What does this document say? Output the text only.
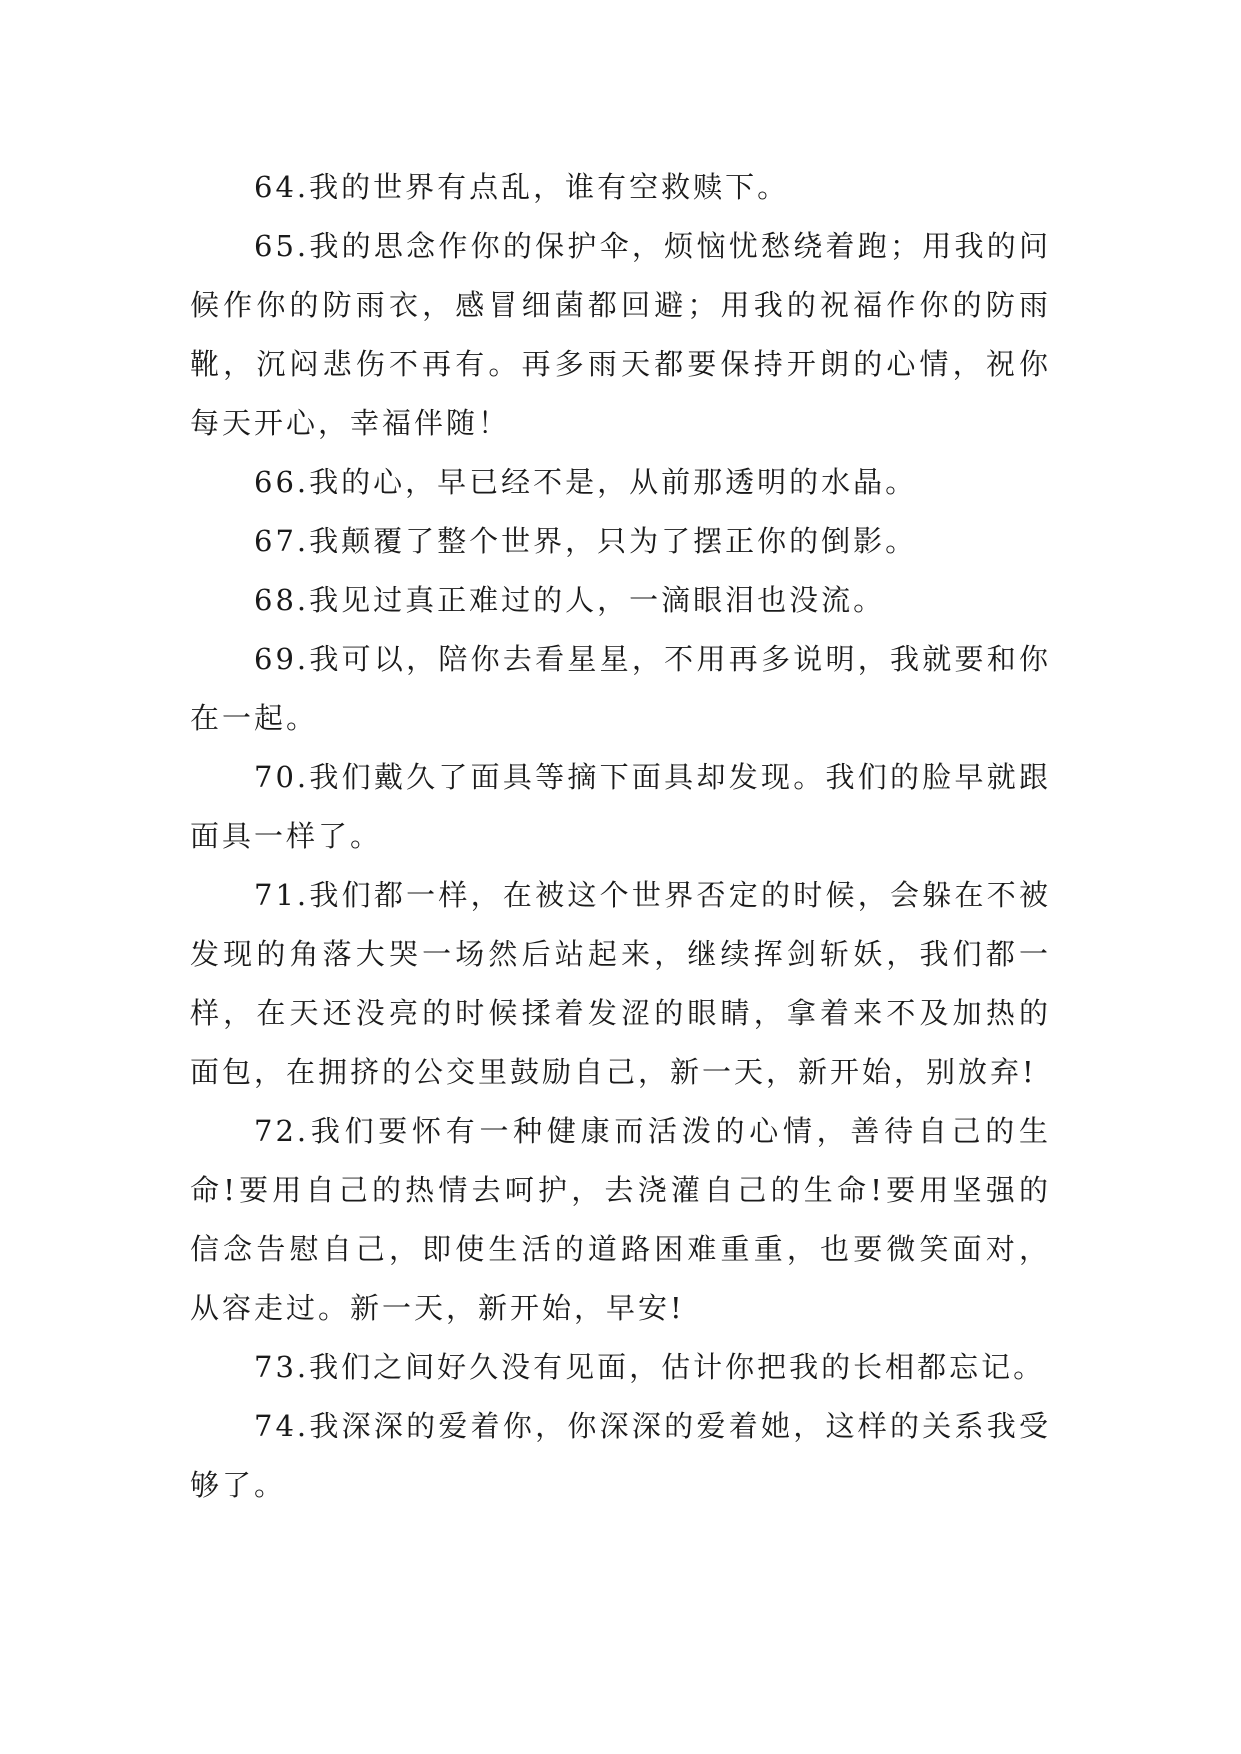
64.我的世界有点乱，谁有空救赎下。

65.我的思念作你的保护伞，烦恼忧愁绕着跑；用我的问候作你的防雨衣，感冒细菌都回避；用我的祝福作你的防雨靴，沉闷悲伤不再有。再多雨天都要保持开朗的心情，祝你每天开心，幸福伴随！

66.我的心，早已经不是，从前那透明的水晶。

67.我颠覆了整个世界，只为了摆正你的倒影。

68.我见过真正难过的人，一滴眼泪也没流。

69.我可以，陪你去看星星，不用再多说明，我就要和你在一起。

70.我们戴久了面具等摘下面具却发现。我们的脸早就跟面具一样了。

71.我们都一样，在被这个世界否定的时候，会躲在不被发现的角落大哭一场然后站起来，继续挥剑斩妖，我们都一样，在天还没亮的时候揉着发涩的眼睛，拿着来不及加热的面包，在拥挤的公交里鼓励自己，新一天，新开始，别放弃!

72.我们要怀有一种健康而活泼的心情，善待自己的生命!要用自己的热情去呵护，去浇灌自己的生命!要用坚强的信念告慰自己，即使生活的道路困难重重，也要微笑面对，从容走过。新一天，新开始，早安!

73.我们之间好久没有见面，估计你把我的长相都忘记。

74.我深深的爱着你，你深深的爱着她，这样的关系我受够了。
